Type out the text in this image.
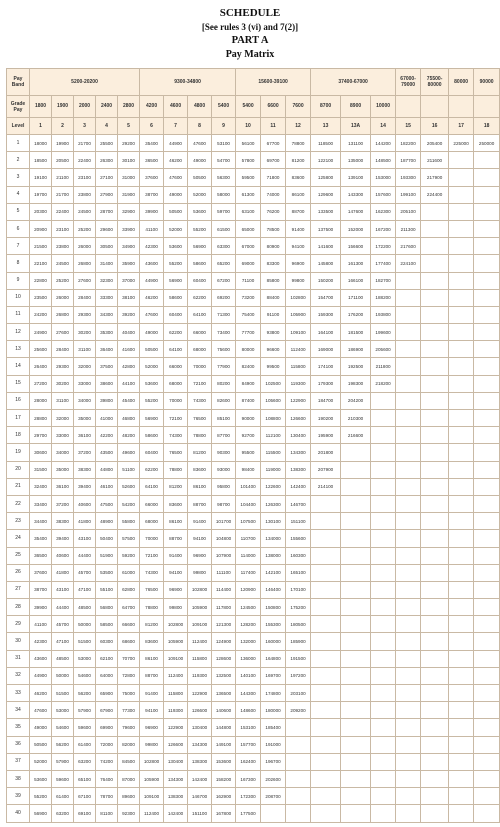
SCHEDULE
[See rules 3 (vi) and 7(2)]
PART A
Pay Matrix
Pay Band	5200-20200					9300-34800				15600-39100			37400-67000			67000-79000	75500-80000	80000	90000
Grade Pay	1800	1900	2000	2400	2800	4200	4600	4800	5400	5400	6600	7600	8700	8900	10000				
Level	1	2	3	4	5	6	7	8	9	10	11	12	13	13A	14	15	16	17	18
1	18000	19900	21700	25500	29200	35400	44900	47600	53100	56100	67700	78800	118500	131100	144200	182200	205400	225000	250000
2	18500	20500	22400	26300	30100	36500	46200	49000	54700	57800	69700	81200	122100	135000	148500	187700	211600		
3	19100	21100	23100	27100	31000	37600	47600	50500	56300	59500	71800	83600	125800	139100	153000	193300	217900		
4	19700	21700	23800	27900	31900	38700	49000	52000	58000	61300	74000	86100	129600	143300	157600	199100	224400		
5	20300	22400	24500	28700	32900	39900	50500	53600	59700	63100	76200	88700	133500	147600	162300	205100			
6	20900	23100	25200	29600	33900	41100	52000	55200	61500	65000	78500	91400	137500	152000	167200	211300			
7	21500	23800	26000	30500	34900	42300	53600	56900	63300	67000	80900	94100	141600	156600	172200	217600			
8	22100	24500	26800	31400	35900	43600	55200	58600	65200	69000	83300	96900	145800	161300	177400	224100			
9	22800	25200	27600	32300	37000	44900	56900	60400	67200	71100	85800	99800	150200	166100	182700				
10	23500	26000	28400	33300	38100	46200	58600	62200	69200	73200	88400	102800	154700	171100	188200				
11	24200	26800	29300	34300	39200	47600	60400	64100	71300	75400	91100	105900	159300	176200	193800				
12	24900	27600	30200	35300	40400	49000	62200	66000	73400	77700	93800	109100	164100	181500	199600				
13	25600	28400	31100	36400	41600	50500	64100	68000	75600	80000	96600	112400	169000	186900	205600				
14	26400	29300	32000	37500	42800	52000	66000	70000	77900	82400	99500	115800	174100	192500	211800				
15	27200	30200	33000	38600	44100	53600	68000	72100	80200	84900	102500	119300	179300	198300	218200				
16	28000	31100	34000	39800	45400	55200	70000	74300	82600	87400	105600	122900	184700	204200					
17	28800	32000	35000	41000	46800	56900	72100	76500	85100	90000	108800	126600	190200	210300					
18	29700	33000	36100	42200	48200	58600	74300	78800	87700	92700	112100	130400	195900	216600					
19	30600	34000	37200	43500	49600	60400	76500	81200	90300	95500	115500	134300	201800						
20	31500	35000	38300	44800	51100	62200	78800	83600	93000	98400	119000	138300	207900						
21	32400	36100	39400	46100	52600	64100	81200	86100	95800	101400	122600	142400	214100						
22	33400	37200	40600	47500	54200	66000	83600	88700	98700	104400	126300	146700							
23	34400	38300	41800	48900	55800	68000	86100	91400	101700	107500	130100	151100							
24	35400	39400	43100	50400	57500	70000	88700	94100	104800	110700	134000	155600							
25	36500	40600	44400	51900	59200	72100	91400	96900	107900	114000	138000	160300							
26	37600	41800	45700	53500	61000	74300	94100	99800	111100	117400	142100	165100							
27	38700	43100	47100	55100	62800	76500	96900	102800	114400	120900	146400	170100							
28	39900	44400	48500	56800	64700	78800	99800	105900	117800	124500	150800	175200							
29	41100	45700	50000	58500	66600	81200	102800	109100	121300	128200	155300	180500							
30	42300	47100	51500	60300	68600	83600	105900	112400	124900	132000	160000	185900							
31	43600	48500	53000	62100	70700	86100	109100	115800	128600	136000	164800	191500							
32	44900	50000	54600	64000	72800	88700	112400	119300	132500	140100	169700	197200							
33	46200	51500	56200	65900	75000	91400	115800	122900	136500	144300	174800	203100							
34	47600	53000	57900	67900	77300	94100	119300	126600	140600	148600	180000	209200							
35	49000	54600	59600	69900	79600	96900	122900	130400	144800	153100	185400								
36	50500	56200	61400	72000	82000	99800	126600	134300	149100	157700	191000								
37	52000	57900	63200	74200	84500	102800	130400	138300	153600	162400	196700								
38	53600	59600	65100	76400	87000	105900	134300	142400	158200	167300	202600								
39	55200	61400	67100	78700	89600	109100	138300	146700	162900	172300	208700								
40	56900	63200	69100	81100	92300	112400	142400	151100	167800	177500									
